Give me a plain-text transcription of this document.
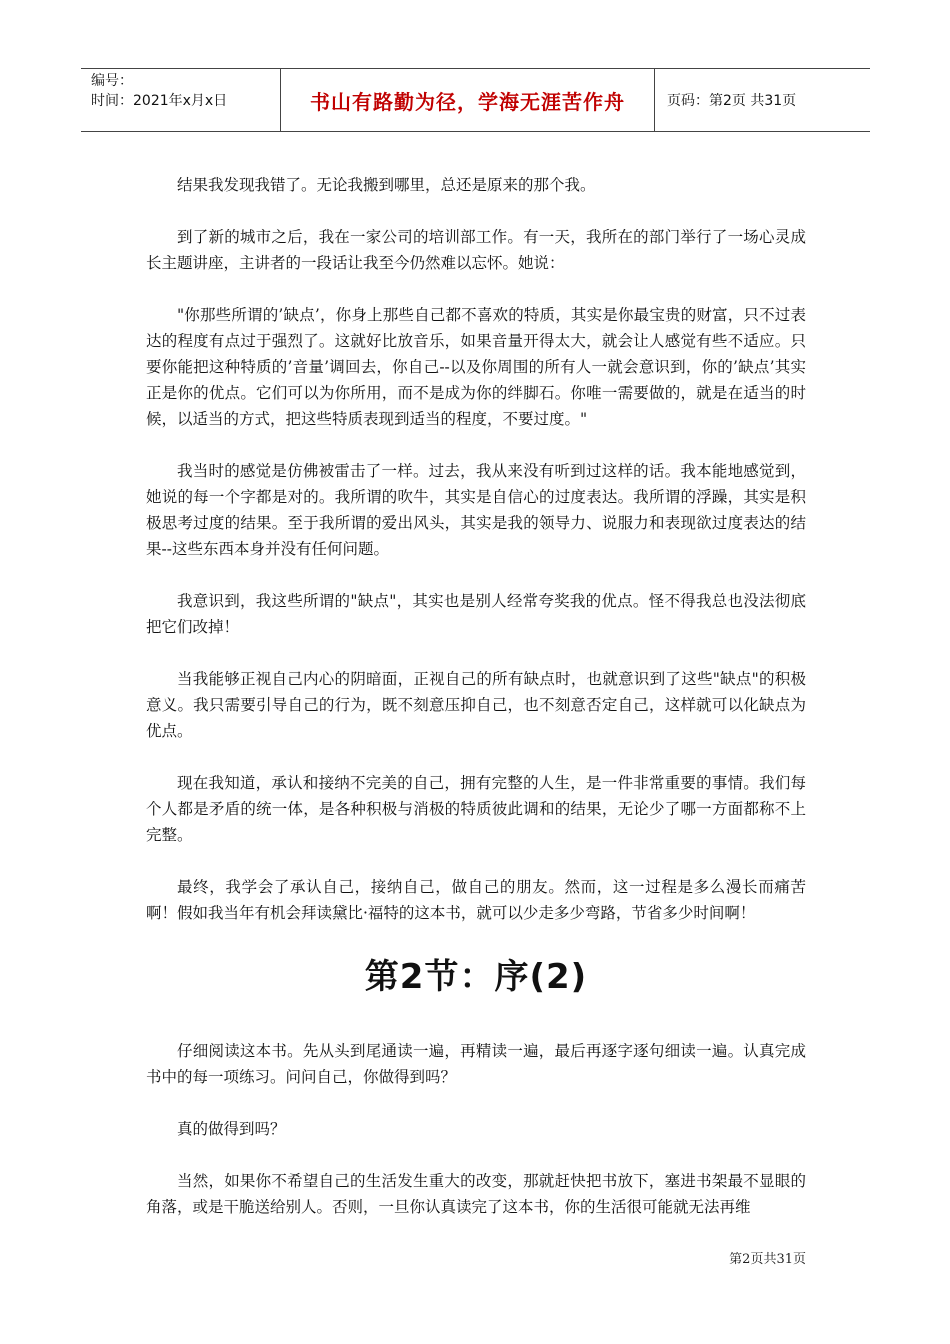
编号：
时间：2021年x月x日	书山有路勤为径，学海无涯苦作舟	页码：第2页 共31页

结果我发现我错了。无论我搬到哪里，总还是原来的那个我。

到了新的城市之后，我在一家公司的培训部工作。有一天，我所在的部门举行了一场心灵成长主题讲座，主讲者的一段话让我至今仍然难以忘怀。她说：

"你那些所谓的’缺点’，你身上那些自己都不喜欢的特质，其实是你最宝贵的财富，只不过表达的程度有点过于强烈了。这就好比放音乐，如果音量开得太大，就会让人感觉有些不适应。只要你能把这种特质的’音量’调回去，你自己--以及你周围的所有人一就会意识到，你的’缺点’其实正是你的优点。它们可以为你所用，而不是成为你的绊脚石。你唯一需要做的，就是在适当的时候，以适当的方式，把这些特质表现到适当的程度，不要过度。"

我当时的感觉是仿佛被雷击了一样。过去，我从来没有听到过这样的话。我本能地感觉到，她说的每一个字都是对的。我所谓的吹牛，其实是自信心的过度表达。我所谓的浮躁，其实是积极思考过度的结果。至于我所谓的爱出风头，其实是我的领导力、说服力和表现欲过度表达的结果--这些东西本身并没有任何问题。

我意识到，我这些所谓的"缺点"，其实也是别人经常夸奖我的优点。怪不得我总也没法彻底把它们改掉！

当我能够正视自己内心的阴暗面，正视自己的所有缺点时，也就意识到了这些"缺点"的积极意义。我只需要引导自己的行为，既不刻意压抑自己，也不刻意否定自己，这样就可以化缺点为优点。

现在我知道，承认和接纳不完美的自己，拥有完整的人生，是一件非常重要的事情。我们每个人都是矛盾的统一体，是各种积极与消极的特质彼此调和的结果，无论少了哪一方面都称不上完整。

最终，我学会了承认自己，接纳自己，做自己的朋友。然而，这一过程是多么漫长而痛苦啊！假如我当年有机会拜读黛比·福特的这本书，就可以少走多少弯路，节省多少时间啊！

第2节：序(2)

仔细阅读这本书。先从头到尾通读一遍，再精读一遍，最后再逐字逐句细读一遍。认真完成书中的每一项练习。问问自己，你做得到吗？

真的做得到吗？

当然，如果你不希望自己的生活发生重大的改变，那就赶快把书放下，塞进书架最不显眼的角落，或是干脆送给别人。否则，一旦你认真读完了这本书，你的生活很可能就无法再维

第2页共31页
